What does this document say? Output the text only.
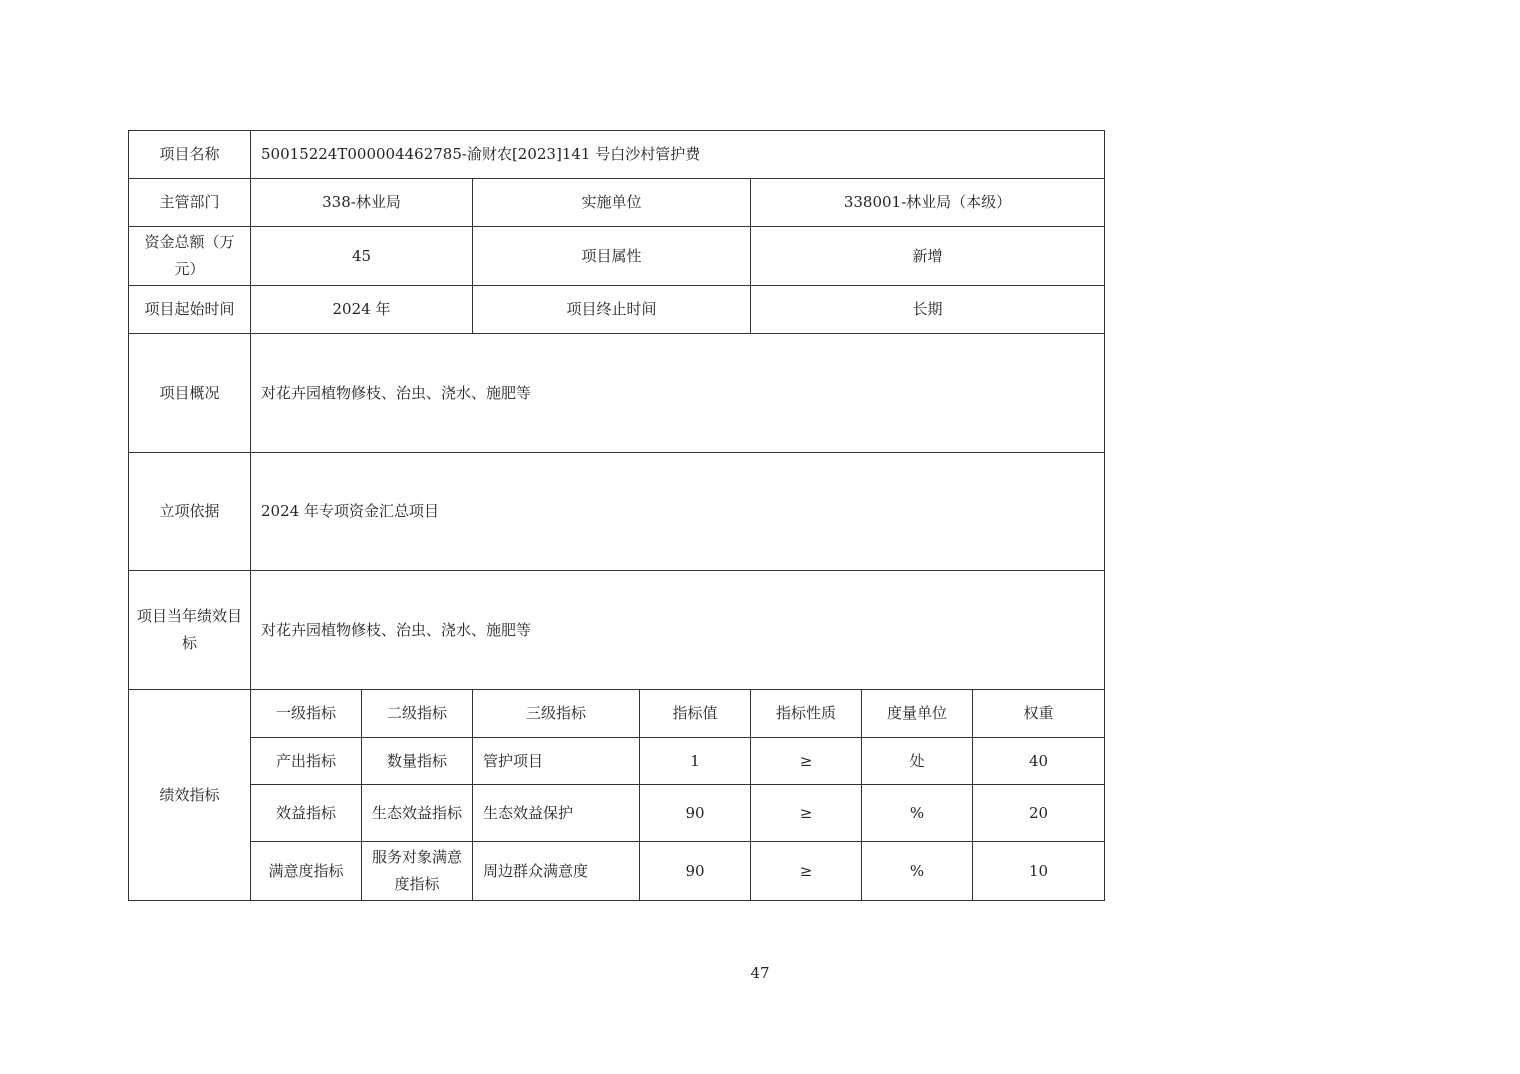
项目名称	50015224T000004462785-渝财农[2023]141 号白沙村管护费						
主管部门	338-林业局		实施单位		338001-林业局（本级）		
资金总额（万元）	45		项目属性		新增		
项目起始时间	2024 年		项目终止时间		长期		
项目概况	对花卉园植物修枝、治虫、浇水、施肥等						
立项依据	2024 年专项资金汇总项目						
项目当年绩效目标	对花卉园植物修枝、治虫、浇水、施肥等						
绩效指标	一级指标	二级指标	三级指标	指标值	指标性质	度量单位	权重
	产出指标	数量指标	管护项目	1	≥	处	40
	效益指标	生态效益指标	生态效益保护	90	≥	%	20
	满意度指标	服务对象满意度指标	周边群众满意度	90	≥	%	10
47
